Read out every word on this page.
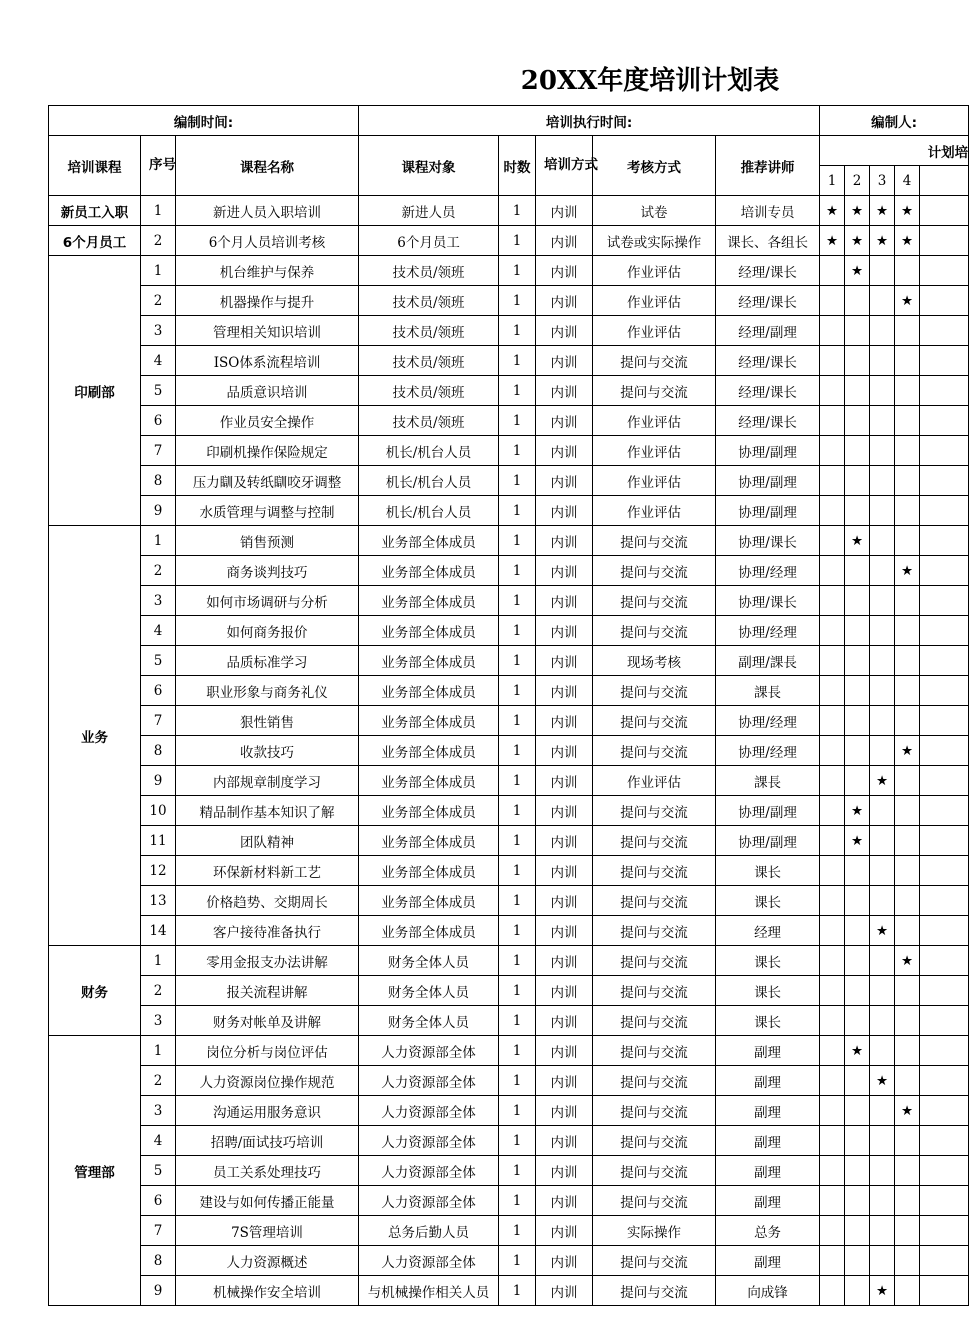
20XX年度培训计划表
编制时间:			培训执行时间:					编制人:				
培训课程	序号	课程名称	课程对象	时数	培训方式	考核方式	推荐讲师	计划培				
								1	2	3	4	
新员工入职	1	新进人员入职培训	新进人员	1	内训	试卷	培训专员	★	★	★	★	
6个月员工	2	6个月人员培训考核	6个月员工	1	内训	试卷或实际操作	课长、各组长	★	★	★	★	
印刷部	1	机台维护与保养	技术员/领班	1	内训	作业评估	经理/课长		★			
	2	机器操作与提升	技术员/领班	1	内训	作业评估	经理/课长				★	
	3	管理相关知识培训	技术员/领班	1	内训	作业评估	经理/副理					
	4	ISO体系流程培训	技术员/领班	1	内训	提问与交流	经理/课长					
	5	品质意识培训	技术员/领班	1	内训	提问与交流	经理/课长					
	6	作业员安全操作	技术员/领班	1	内训	作业评估	经理/课长					
	7	印刷机操作保险规定	机长/机台人员	1	内训	作业评估	协理/副理					
	8	压力瞓及转纸瞓咬牙调整	机长/机台人员	1	内训	作业评估	协理/副理					
	9	水质管理与调整与控制	机长/机台人员	1	内训	作业评估	协理/副理					
业务	1	销售预测	业务部全体成员	1	内训	提问与交流	协理/课长		★			
	2	商务谈判技巧	业务部全体成员	1	内训	提问与交流	协理/经理				★	
	3	如何市场调研与分析	业务部全体成员	1	内训	提问与交流	协理/课长					
	4	如何商务报价	业务部全体成员	1	内训	提问与交流	协理/经理					
	5	品质标准学习	业务部全体成员	1	内训	现场考核	副理/課長					
	6	职业形象与商务礼仪	业务部全体成员	1	内训	提问与交流	課長					
	7	狠性销售	业务部全体成员	1	内训	提问与交流	协理/经理					
	8	收款技巧	业务部全体成员	1	内训	提问与交流	协理/经理				★	
	9	内部规章制度学习	业务部全体成员	1	内训	作业评估	課長			★		
	10	精品制作基本知识了解	业务部全体成员	1	内训	提问与交流	协理/副理		★			
	11	团队精神	业务部全体成员	1	内训	提问与交流	协理/副理		★			
	12	环保新材料新工艺	业务部全体成员	1	内训	提问与交流	课长					
	13	价格趋势、交期周长	业务部全体成员	1	内训	提问与交流	课长					
	14	客户接待准备执行	业务部全体成员	1	内训	提问与交流	经理			★		
财务	1	零用金报支办法讲解	财务全体人员	1	内训	提问与交流	课长				★	
	2	报关流程讲解	财务全体人员	1	内训	提问与交流	课长					
	3	财务对帐单及讲解	财务全体人员	1	内训	提问与交流	课长					
管理部	1	岗位分析与岗位评估	人力资源部全体	1	内训	提问与交流	副理		★			
	2	人力资源岗位操作规范	人力资源部全体	1	内训	提问与交流	副理			★		
	3	沟通运用服务意识	人力资源部全体	1	内训	提问与交流	副理				★	
	4	招聘/面试技巧培训	人力资源部全体	1	内训	提问与交流	副理					
	5	员工关系处理技巧	人力资源部全体	1	内训	提问与交流	副理					
	6	建设与如何传播正能量	人力资源部全体	1	内训	提问与交流	副理					
	7	7S管理培训	总务后勤人员	1	内训	实际操作	总务					
	8	人力资源概述	人力资源部全体	1	内训	提问与交流	副理					
	9	机械操作安全培训	与机械操作相关人员	1	内训	提问与交流	向成锋			★		
